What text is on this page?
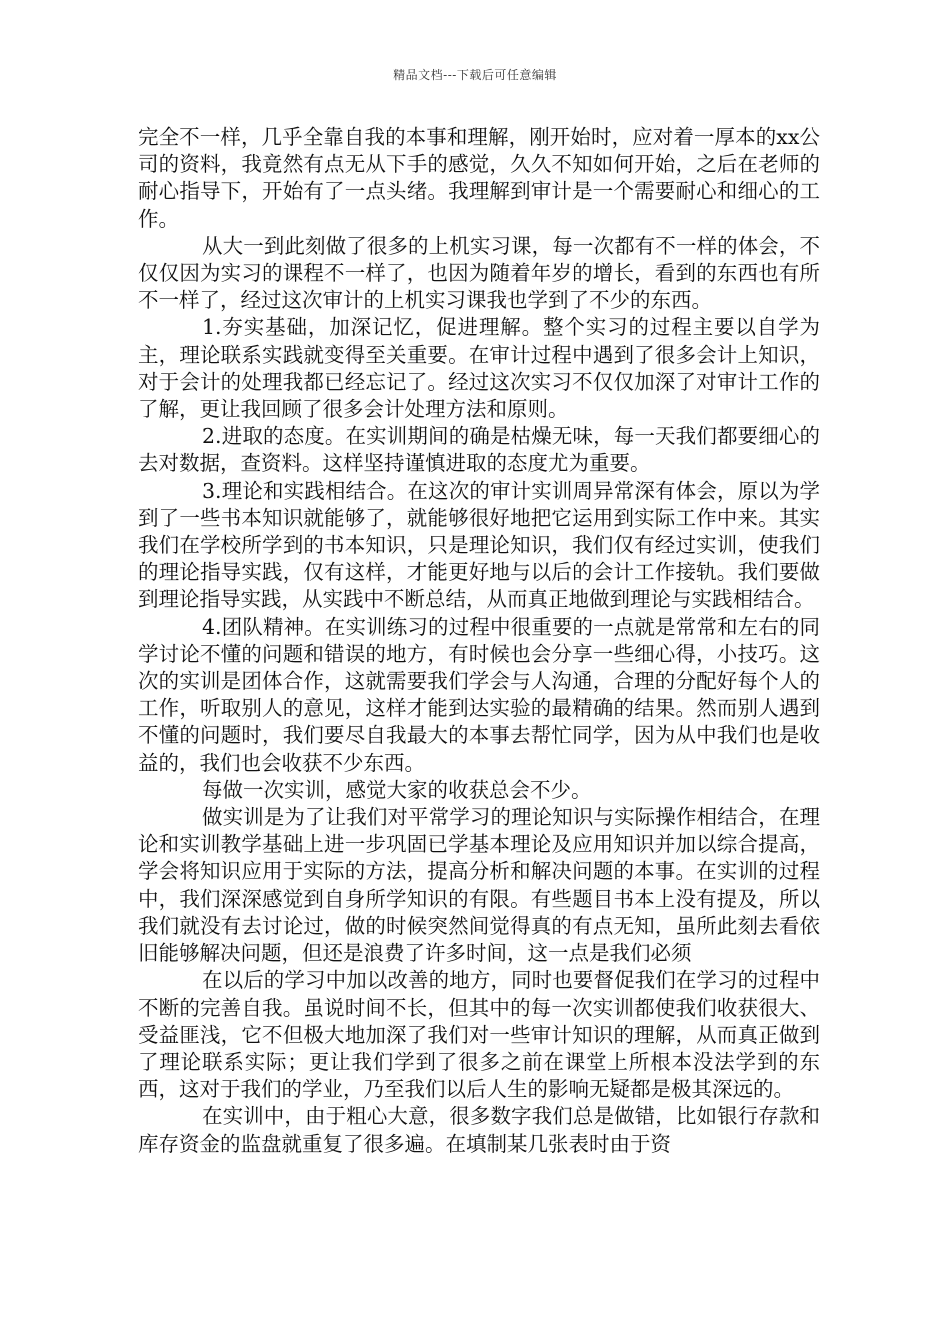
精品文档---下载后可任意编辑

完全不一样，几乎全靠自我的本事和理解，刚开始时，应对着一厚本的xx公司的资料，我竟然有点无从下手的感觉，久久不知如何开始，之后在老师的耐心指导下，开始有了一点头绪。我理解到审计是一个需要耐心和细心的工作。

从大一到此刻做了很多的上机实习课，每一次都有不一样的体会，不仅仅因为实习的课程不一样了，也因为随着年岁的增长，看到的东西也有所不一样了，经过这次审计的上机实习课我也学到了不少的东西。

1.夯实基础，加深记忆，促进理解。整个实习的过程主要以自学为主，理论联系实践就变得至关重要。在审计过程中遇到了很多会计上知识，对于会计的处理我都已经忘记了。经过这次实习不仅仅加深了对审计工作的了解，更让我回顾了很多会计处理方法和原则。

2.进取的态度。在实训期间的确是枯燥无味，每一天我们都要细心的去对数据，查资料。这样坚持谨慎进取的态度尤为重要。

3.理论和实践相结合。在这次的审计实训周异常深有体会，原以为学到了一些书本知识就能够了，就能够很好地把它运用到实际工作中来。其实我们在学校所学到的书本知识，只是理论知识，我们仅有经过实训，使我们的理论指导实践，仅有这样，才能更好地与以后的会计工作接轨。我们要做到理论指导实践，从实践中不断总结，从而真正地做到理论与实践相结合。

4.团队精神。在实训练习的过程中很重要的一点就是常常和左右的同学讨论不懂的问题和错误的地方，有时候也会分享一些细心得，小技巧。这次的实训是团体合作，这就需要我们学会与人沟通，合理的分配好每个人的工作，听取别人的意见，这样才能到达实验的最精确的结果。然而别人遇到不懂的问题时，我们要尽自我最大的本事去帮忙同学，因为从中我们也是收益的，我们也会收获不少东西。

每做一次实训，感觉大家的收获总会不少。

做实训是为了让我们对平常学习的理论知识与实际操作相结合，在理论和实训教学基础上进一步巩固已学基本理论及应用知识并加以综合提高，学会将知识应用于实际的方法，提高分析和解决问题的本事。在实训的过程中，我们深深感觉到自身所学知识的有限。有些题目书本上没有提及，所以我们就没有去讨论过，做的时候突然间觉得真的有点无知，虽所此刻去看依旧能够解决问题，但还是浪费了许多时间，这一点是我们必须

在以后的学习中加以改善的地方，同时也要督促我们在学习的过程中不断的完善自我。虽说时间不长，但其中的每一次实训都使我们收获很大、受益匪浅，它不但极大地加深了我们对一些审计知识的理解，从而真正做到了理论联系实际；更让我们学到了很多之前在课堂上所根本没法学到的东西，这对于我们的学业，乃至我们以后人生的影响无疑都是极其深远的。

在实训中，由于粗心大意，很多数字我们总是做错，比如银行存款和库存资金的监盘就重复了很多遍。在填制某几张表时由于资
